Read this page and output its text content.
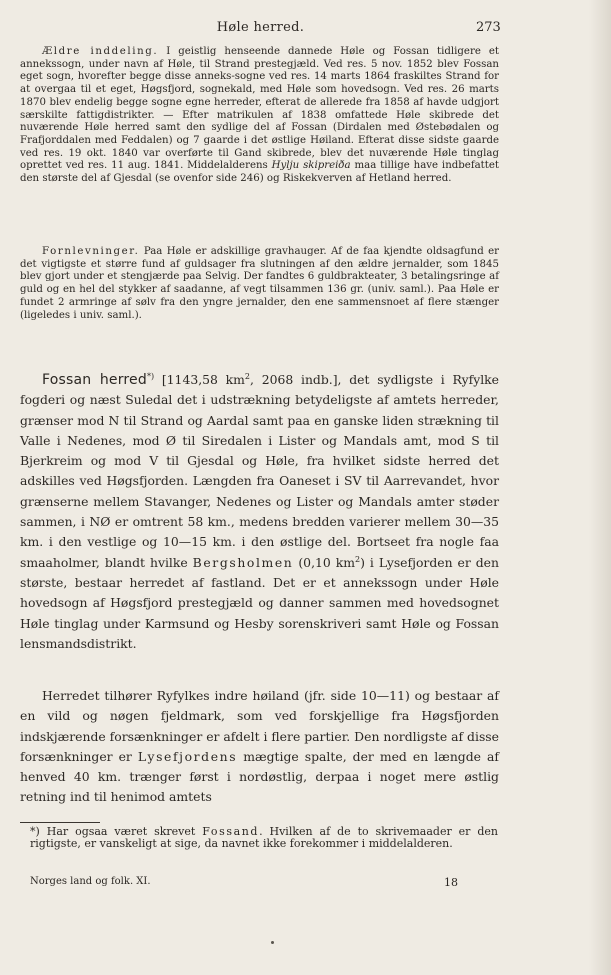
Høle herred.	273
Ældre inddeling. I geistlig henseende dannede Høle og Fossan tidligere et annekssogn, under navn af Høle, til Strand prestegjæld. Ved res. 5 nov. 1852 blev Fossan eget sogn, hvorefter begge disse anneks-sogne ved res. 14 marts 1864 fraskiltes Strand for at overgaa til et eget, Høgsfjord, sognekald, med Høle som hovedsogn. Ved res. 26 marts 1870 blev endelig begge sogne egne herreder, efterat de allerede fra 1858 af havde udgjort særskilte fattigdistrikter. — Efter matrikulen af 1838 omfattede Høle skibrede det nuværende Høle herred samt den sydlige del af Fossan (Dirdalen med Østebødalen og Frafjorddalen med Feddalen) og 7 gaarde i det østlige Høiland. Efterat disse sidste gaarde ved res. 19 okt. 1840 var overførte til Gand skibrede, blev det nuværende Høle tinglag oprettet ved res. 11 aug. 1841. Middelalderens Hylju skipreiða maa tillige have indbefattet den største del af Gjesdal (se ovenfor side 246) og Riskekverven af Hetland herred.
Fornlevninger. Paa Høle er adskillige gravhauger. Af de faa kjendte oldsagfund er det vigtigste et større fund af guldsager fra slutningen af den ældre jernalder, som 1845 blev gjort under et stengjærde paa Selvig. Der fandtes 6 guldbrakteater, 3 betalingsringe af guld og en hel del stykker af saadanne, af vegt tilsammen 136 gr. (univ. saml.). Paa Høle er fundet 2 armringe af sølv fra den yngre jernalder, den ene sammensnoet af flere stænger (ligeledes i univ. saml.).
Fossan herred*) [1143,58 $km^2$, 2068 indb.], det sydligste i Ryfylke fogderi og næst Suledal det i udstrækning betydeligste af amtets herreder, grænser mod N til Strand og Aardal samt paa en ganske liden strækning til Valle i Nedenes, mod Ø til Siredalen i Lister og Mandals amt, mod S til Bjerkreim og mod V til Gjesdal og Høle, fra hvilket sidste herred det adskilles ved Høgsfjorden. Længden fra Oaneset i SV til Aarrevandet, hvor grænserne mellem Stavanger, Nedenes og Lister og Mandals amter støder sammen, i NØ er omtrent 58 km., medens bredden varierer mellem 30—35 km. i den vestlige og 10—15 km. i den østlige del. Bortseet fra nogle faa smaaholmer, blandt hvilke Bergsholmen (0,10 $km^2$) i Lysefjorden er den største, bestaar herredet af fastland. Det er et annekssogn under Høle hovedsogn af Høgsfjord prestegjæld og danner sammen med hovedsognet Høle tinglag under Karmsund og Hesby sorenskriveri samt Høle og Fossan lensmandsdistrikt.
Herredet tilhører Ryfylkes indre høiland (jfr. side 10—11) og bestaar af en vild og nøgen fjeldmark, som ved forskjellige fra Høgsfjorden indskjærende forsænkninger er afdelt i flere partier. Den nordligste af disse forsænkninger er Lysefjordens mægtige spalte, der med en længde af henved 40 km. trænger først i nordøstlig, derpaa i noget mere østlig retning ind til henimod amtets
*) Har ogsaa været skrevet Fossand. Hvilken af de to skrivemaader er den rigtigste, er vanskeligt at sige, da navnet ikke forekommer i middelalderen.
Norges land og folk. XI.	18
